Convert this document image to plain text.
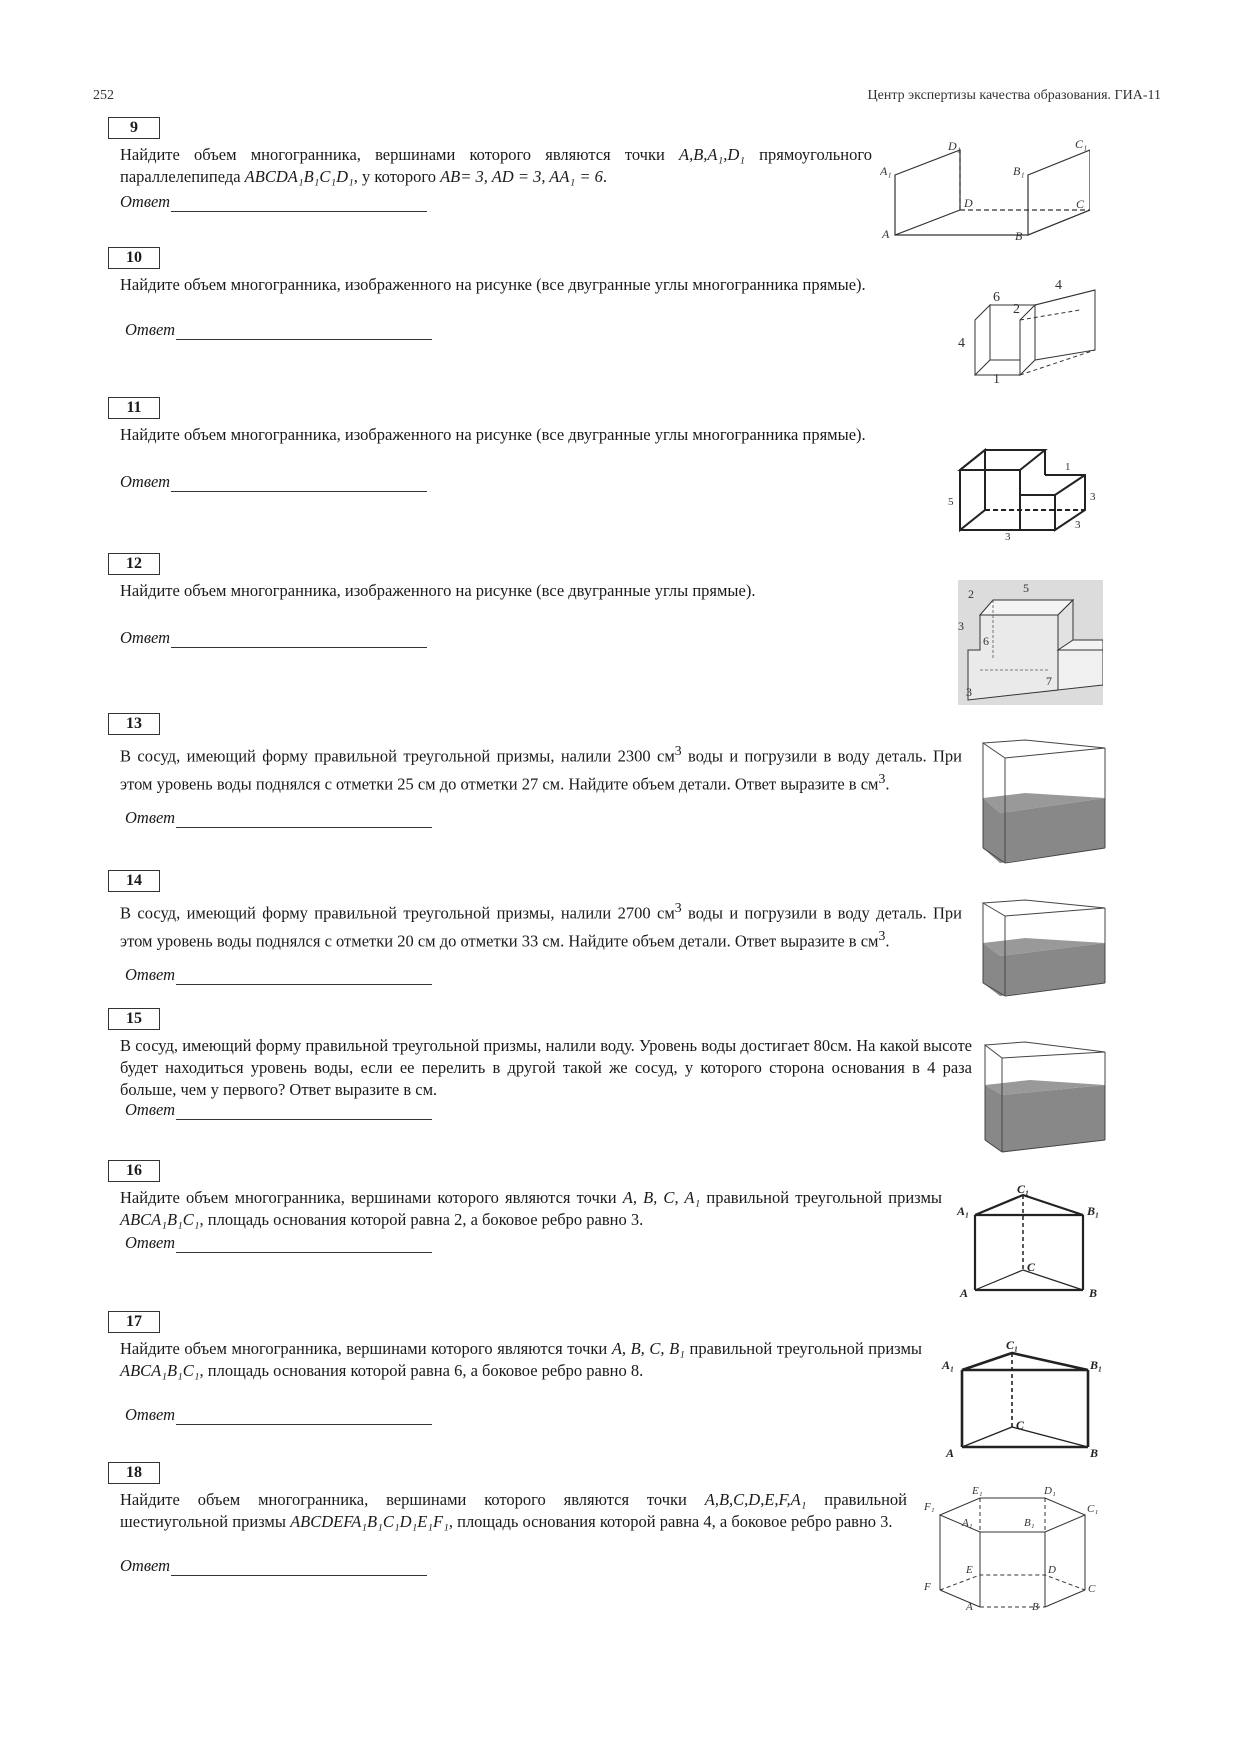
252	Центр экспертизы качества образования. ГИА-11
9
Найдите объем многогранника, вершинами которого являются точки A,B,A₁,D₁ прямоугольного параллелепипеда ABCDA₁B₁C₁D₁, у которого AB= 3, AD = 3, AA₁ = 6.
Ответ
D₁	C₁
A₁	B₁
D	C
A	B
10
Найдите объем многогранника, изображенного на рисунке (все двугранные углы многогранника прямые).
Ответ
4
6
2
4
1
11
Найдите объем многогранника, изображенного на рисунке (все двугранные углы многогранника прямые).
Ответ
1
3
5
3
3
12
Найдите объем многогранника, изображенного на рисунке (все двугранные углы прямые).
Ответ
5
2
3
6
7
3
13
В сосуд, имеющий форму правильной треугольной призмы, налили 2300 $см^3$ воды и погрузили в воду деталь. При этом уровень воды поднялся с отметки 25 см до отметки 27 см. Найдите объем детали. Ответ выразите в $см^3$.
Ответ
14
В сосуд, имеющий форму правильной треугольной призмы, налили 2700 $см^3$ воды и погрузили в воду деталь. При этом уровень воды поднялся с отметки 20 см до отметки 33 см. Найдите объем детали. Ответ выразите в $см^3$.
Ответ
15
В сосуд, имеющий форму правильной треугольной призмы, налили воду. Уровень воды достигает 80см. На какой высоте будет находиться уровень воды, если ее перелить в другой такой же сосуд, у которого сторона основания в 4 раза больше, чем у первого? Ответ выразите в см.
Ответ
16
Найдите объем многогранника, вершинами которого являются точки A, B, C, A₁ правильной треугольной призмы ABCA₁B₁C₁, площадь основания которой равна 2, а боковое ребро равно 3.
Ответ
C₁
A₁	B₁
C
A	B
17
Найдите объем многогранника, вершинами которого являются точки A, B, C, B₁ правильной треугольной призмы ABCA₁B₁C₁, площадь основания которой равна 6, а боковое ребро равно 8.
Ответ
C₁
A₁	B₁
C
A	B
18
Найдите объем многогранника, вершинами которого являются точки A,B,C,D,E,F,A₁ правильной шестиугольной призмы ABCDEFA₁B₁C₁D₁E₁F₁, площадь основания которой равна 4, а боковое ребро равно 3.
Ответ
E₁	D₁
F₁	C₁
A₁	B₁
E	D
F	C
A	B
